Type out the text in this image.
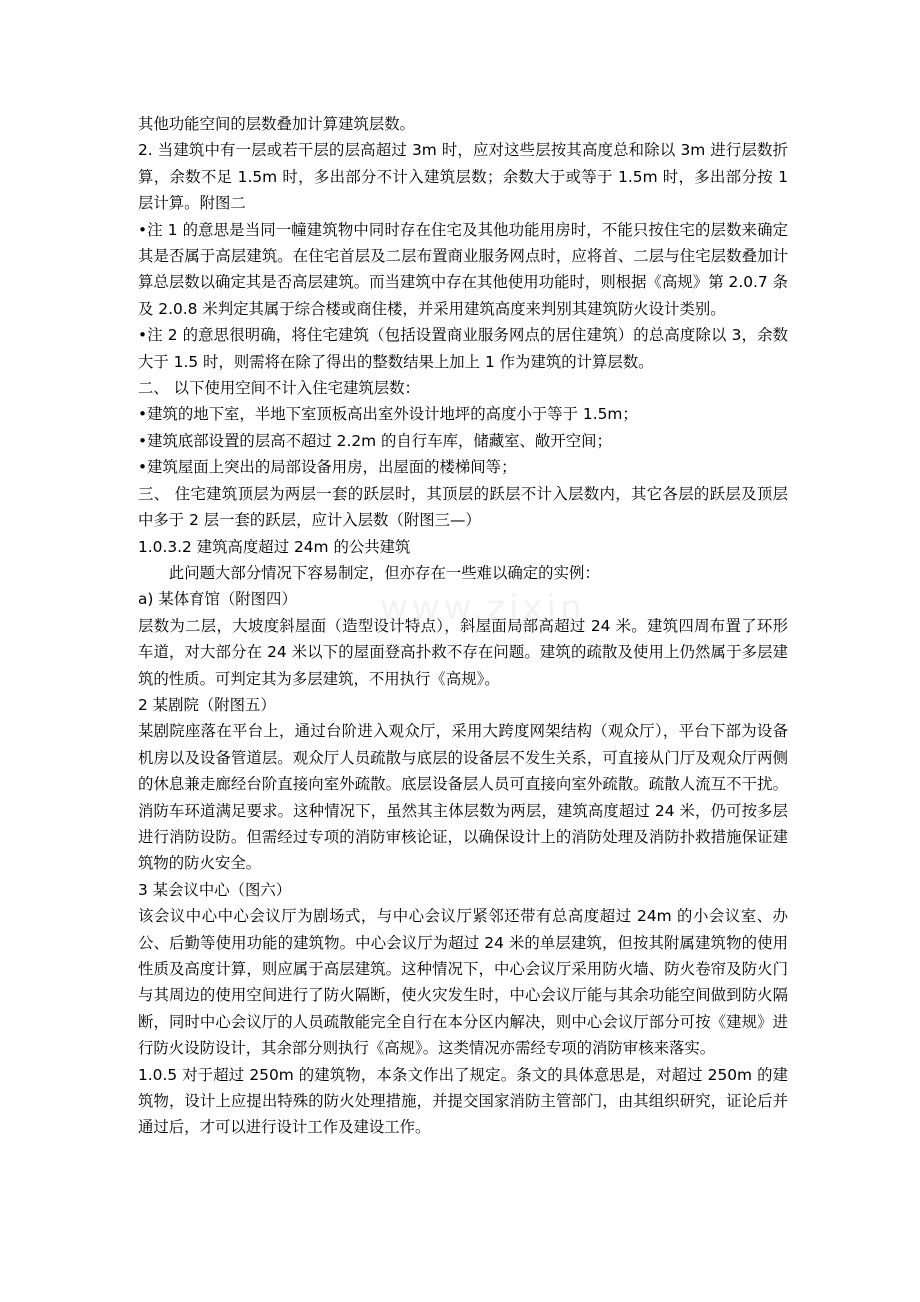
www.zixin

其他功能空间的层数叠加计算建筑层数。

2. 当建筑中有一层或若干层的层高超过 3m 时，应对这些层按其高度总和除以 3m 进行层数折算，余数不足 1.5m 时，多出部分不计入建筑层数；余数大于或等于 1.5m 时，多出部分按 1 层计算。附图二

•注 1 的意思是当同一幢建筑物中同时存在住宅及其他功能用房时，不能只按住宅的层数来确定其是否属于高层建筑。在住宅首层及二层布置商业服务网点时，应将首、二层与住宅层数叠加计算总层数以确定其是否高层建筑。而当建筑中存在其他使用功能时，则根据《高规》第 2.0.7 条及 2.0.8 米判定其属于综合楼或商住楼，并采用建筑高度来判别其建筑防火设计类别。

•注 2 的意思很明确，将住宅建筑（包括设置商业服务网点的居住建筑）的总高度除以 3，余数大于 1.5 时，则需将在除了得出的整数结果上加上 1 作为建筑的计算层数。

二、 以下使用空间不计入住宅建筑层数：

•建筑的地下室，半地下室顶板高出室外设计地坪的高度小于等于 1.5m；

•建筑底部设置的层高不超过 2.2m 的自行车库，储藏室、敞开空间；

•建筑屋面上突出的局部设备用房，出屋面的楼梯间等；

三、 住宅建筑顶层为两层一套的跃层时，其顶层的跃层不计入层数内，其它各层的跃层及顶层中多于 2 层一套的跃层，应计入层数（附图三—）

1.0.3.2 建筑高度超过 24m 的公共建筑

此问题大部分情况下容易制定，但亦存在一些难以确定的实例：

a) 某体育馆（附图四）

层数为二层，大坡度斜屋面（造型设计特点），斜屋面局部高超过 24 米。建筑四周布置了环形车道，对大部分在 24 米以下的屋面登高扑救不存在问题。建筑的疏散及使用上仍然属于多层建筑的性质。可判定其为多层建筑，不用执行《高规》。

2 某剧院（附图五）

某剧院座落在平台上，通过台阶进入观众厅，采用大跨度网架结构（观众厅），平台下部为设备机房以及设备管道层。观众厅人员疏散与底层的设备层不发生关系，可直接从门厅及观众厅两侧的休息兼走廊经台阶直接向室外疏散。底层设备层人员可直接向室外疏散。疏散人流互不干扰。消防车环道满足要求。这种情况下，虽然其主体层数为两层，建筑高度超过 24 米，仍可按多层进行消防设防。但需经过专项的消防审核论证，以确保设计上的消防处理及消防扑救措施保证建筑物的防火安全。

3 某会议中心（图六）

该会议中心中心会议厅为剧场式，与中心会议厅紧邻还带有总高度超过 24m 的小会议室、办公、后勤等使用功能的建筑物。中心会议厅为超过 24 米的单层建筑，但按其附属建筑物的使用性质及高度计算，则应属于高层建筑。这种情况下，中心会议厅采用防火墙、防火卷帘及防火门与其周边的使用空间进行了防火隔断，使火灾发生时，中心会议厅能与其余功能空间做到防火隔断，同时中心会议厅的人员疏散能完全自行在本分区内解决，则中心会议厅部分可按《建规》进行防火设防设计，其余部分则执行《高规》。这类情况亦需经专项的消防审核来落实。

1.0.5 对于超过 250m 的建筑物，本条文作出了规定。条文的具体意思是，对超过 250m 的建筑物，设计上应提出特殊的防火处理措施，并提交国家消防主管部门，由其组织研究，证论后并通过后，才可以进行设计工作及建设工作。
